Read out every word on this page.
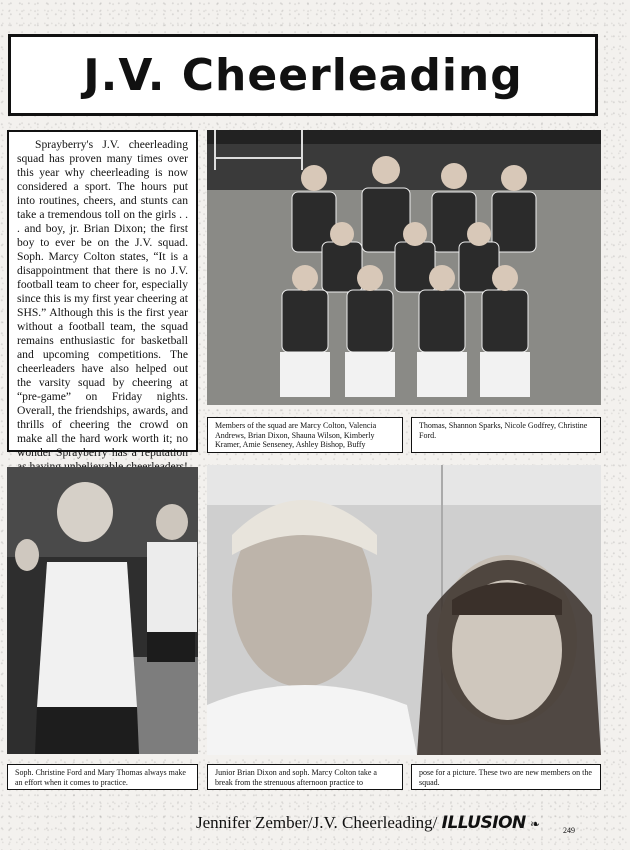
J.V. Cheerleading
Sprayberry's J.V. cheerleading squad has proven many times over this year why cheerleading is now considered a sport. The hours put into routines, cheers, and stunts can take a tremendous toll on the girls . . . and boy, jr. Brian Dixon; the first boy to ever be on the J.V. squad. Soph. Marcy Colton states, “It is a disappointment that there is no J.V. football team to cheer for, especially since this is my first year cheering at SHS.” Although this is the first year without a football team, the squad remains enthusiastic for basketball and upcoming competitions. The cheerleaders have also helped out the varsity squad by cheering at “pre-game” on Friday nights. Overall, the friendships, awards, and thrills of cheering the crowd on make all the hard work worth it; no wonder Sprayberry has a reputation
Members of the squad are Marcy Colton, Valencia Andrews, Brian Dixon, Shauna Wilson, Kimberly Kramer, Amie Senseney, Ashley Bishop, Buffy
Thomas, Shannon Sparks, Nicole Godfrey, Christine Ford.
Soph. Christine Ford and Mary Thomas always make an effort when it comes to practice.
Junior Brian Dixon and soph. Marcy Colton take a break from the strenuous afternoon practice to
pose for a picture. These two are new members on the squad.
Jennifer Zember/J.V. Cheerleading/ ILLUSION ❧	249
